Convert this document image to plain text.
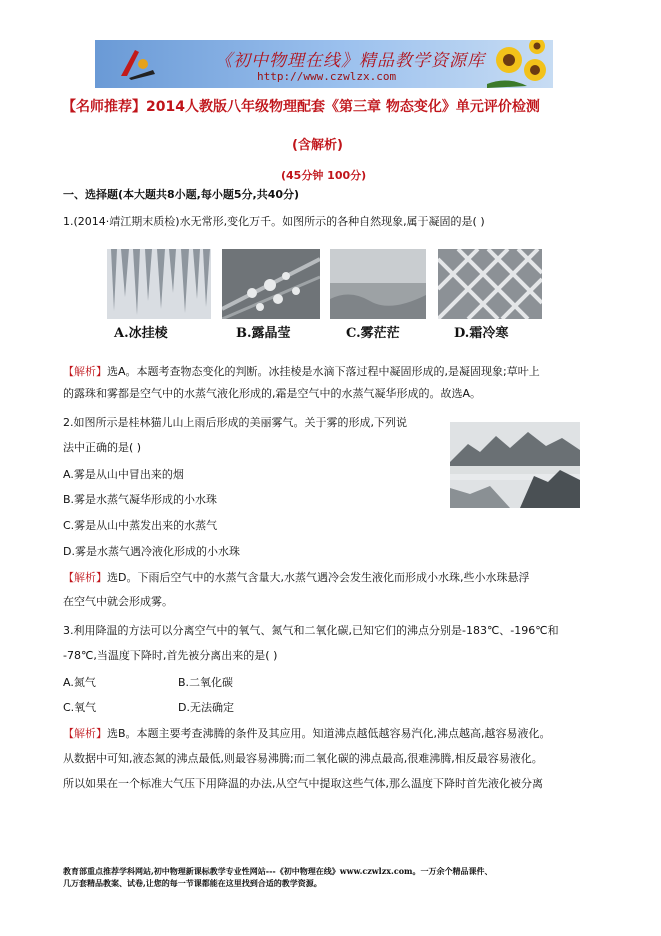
《初中物理在线》精品教学资源库
http://www.czwlzx.com
【名师推荐】2014人教版八年级物理配套《第三章 物态变化》单元评价检测
(含解析)
(45分钟 100分)
一、选择题(本大题共8小题,每小题5分,共40分)
1.(2014·靖江期末质检)水无常形,变化万千。如图所示的各种自然现象,属于凝固的是( )
A.冰挂棱	B.露晶莹	C.雾茫茫	D.霜冷寒
【解析】选A。本题考查物态变化的判断。冰挂棱是水滴下落过程中凝固形成的,是凝固现象;草叶上
的露珠和雾都是空气中的水蒸气液化形成的,霜是空气中的水蒸气凝华形成的。故选A。
2.如图所示是桂林猫儿山上雨后形成的美丽雾气。关于雾的形成,下列说
法中正确的是( )
A.雾是从山中冒出来的烟
B.雾是水蒸气凝华形成的小水珠
C.雾是从山中蒸发出来的水蒸气
D.雾是水蒸气遇冷液化形成的小水珠
【解析】选D。下雨后空气中的水蒸气含量大,水蒸气遇冷会发生液化而形成小水珠,些小水珠悬浮
在空气中就会形成雾。
3.利用降温的方法可以分离空气中的氧气、氮气和二氧化碳,已知它们的沸点分别是-183℃、-196℃和
-78℃,当温度下降时,首先被分离出来的是( )
A.氮气	B.二氧化碳
C.氧气	D.无法确定
【解析】选B。本题主要考查沸腾的条件及其应用。知道沸点越低越容易汽化,沸点越高,越容易液化。
从数据中可知,液态氮的沸点最低,则最容易沸腾;而二氧化碳的沸点最高,很难沸腾,相反最容易液化。
所以如果在一个标准大气压下用降温的办法,从空气中提取这些气体,那么温度下降时首先液化被分离
教育部重点推荐学科网站,初中物理新课标教学专业性网站---《初中物理在线》www.czwlzx.com。一万余个精品课件、
几万套精品教案、试卷,让您的每一节课都能在这里找到合适的教学资源。
